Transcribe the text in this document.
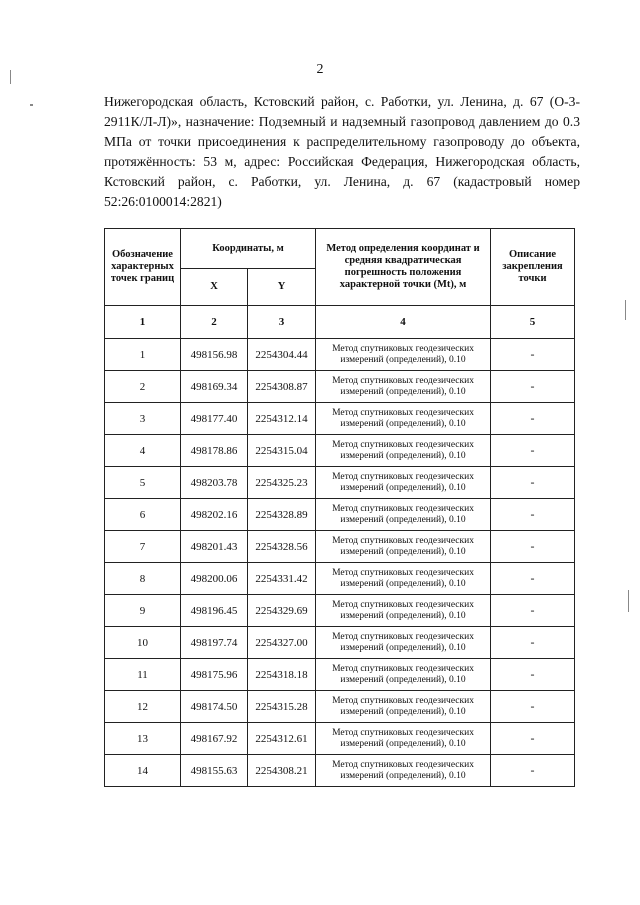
2
Нижегородская область, Кстовский район, с. Работки, ул. Ленина, д. 67 (О-3-2911К/Л-Л)», назначение: Подземный и надземный газопровод давлением до 0.3 МПа от точки присоединения к распределительному газопроводу до объекта, протяжённость: 53 м, адрес: Российская Федерация, Нижегородская область, Кстовский район, с. Работки, ул. Ленина, д. 67 (кадастровый номер 52:26:0100014:2821)
Обозначение характерных точек границ	Координаты, м		Метод определения координат и средняя квадратическая погрешность положения характерной точки (Mt), м	Описание закрепления точки
	X	Y		
1	2	3	4	5
1	498156.98	2254304.44	Метод спутниковых геодезических измерений (определений), 0.10	-
2	498169.34	2254308.87	Метод спутниковых геодезических измерений (определений), 0.10	-
3	498177.40	2254312.14	Метод спутниковых геодезических измерений (определений), 0.10	-
4	498178.86	2254315.04	Метод спутниковых геодезических измерений (определений), 0.10	-
5	498203.78	2254325.23	Метод спутниковых геодезических измерений (определений), 0.10	-
6	498202.16	2254328.89	Метод спутниковых геодезических измерений (определений), 0.10	-
7	498201.43	2254328.56	Метод спутниковых геодезических измерений (определений), 0.10	-
8	498200.06	2254331.42	Метод спутниковых геодезических измерений (определений), 0.10	-
9	498196.45	2254329.69	Метод спутниковых геодезических измерений (определений), 0.10	-
10	498197.74	2254327.00	Метод спутниковых геодезических измерений (определений), 0.10	-
11	498175.96	2254318.18	Метод спутниковых геодезических измерений (определений), 0.10	-
12	498174.50	2254315.28	Метод спутниковых геодезических измерений (определений), 0.10	-
13	498167.92	2254312.61	Метод спутниковых геодезических измерений (определений), 0.10	-
14	498155.63	2254308.21	Метод спутниковых геодезических измерений (определений), 0.10	-
